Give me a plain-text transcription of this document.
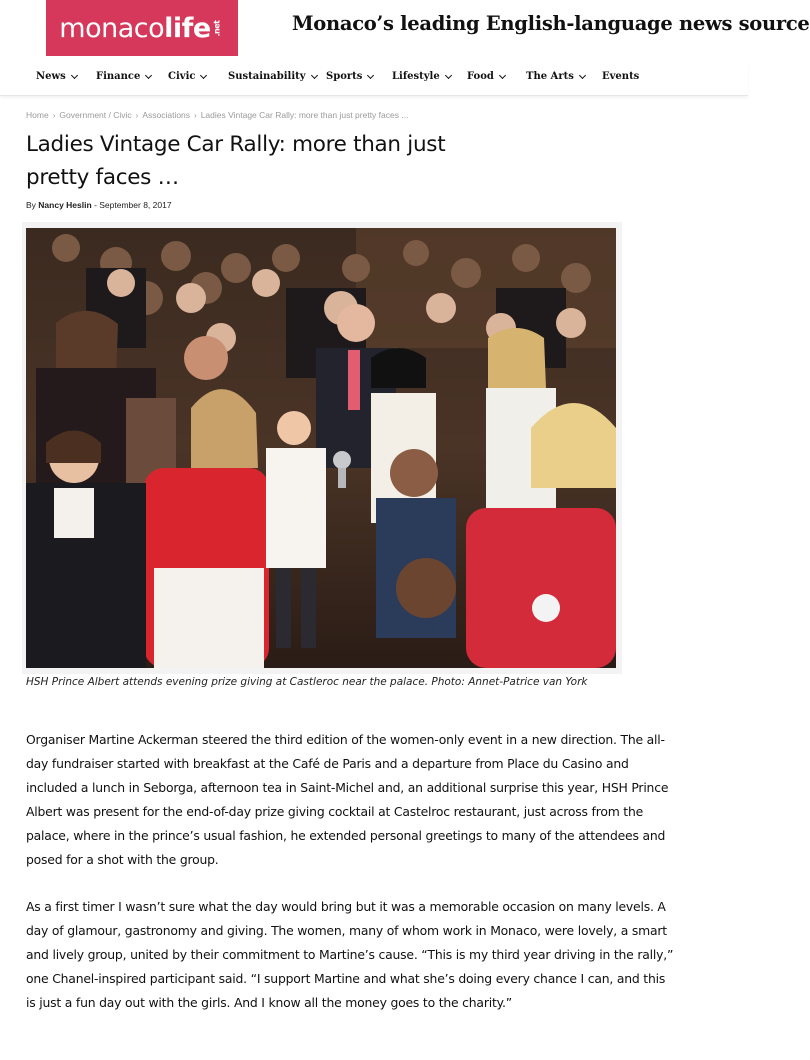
monaco life .net	Monaco’s leading English-language news source
News	Finance	Civic	Sustainability Sports	Lifestyle	Food	The Arts	Events
Home › Government / Civic › Associations › Ladies Vintage Car Rally: more than just pretty faces ...
Ladies Vintage Car Rally: more than just pretty faces …
By Nancy Heslin - September 8, 2017
HSH Prince Albert attends evening prize giving at Castleroc near the palace. Photo: Annet-Patrice van York

Organiser Martine Ackerman steered the third edition of the women-only event in a new direction. The all-day fundraiser started with breakfast at the Café de Paris and a departure from Place du Casino and included a lunch in Seborga, afternoon tea in Saint-Michel and, an additional surprise this year, HSH Prince Albert was present for the end-of-day prize giving cocktail at Castelroc restaurant, just across from the palace, where in the prince’s usual fashion, he extended personal greetings to many of the attendees and posed for a shot with the group.

As a first timer I wasn’t sure what the day would bring but it was a memorable occasion on many levels. A day of glamour, gastronomy and giving. The women, many of whom work in Monaco, were lovely, a smart and lively group, united by their commitment to Martine’s cause. “This is my third year driving in the rally,” one Chanel-inspired participant said. “I support Martine and what she’s doing every chance I can, and this is just a fun day out with the girls. And I know all the money goes to the charity.”
